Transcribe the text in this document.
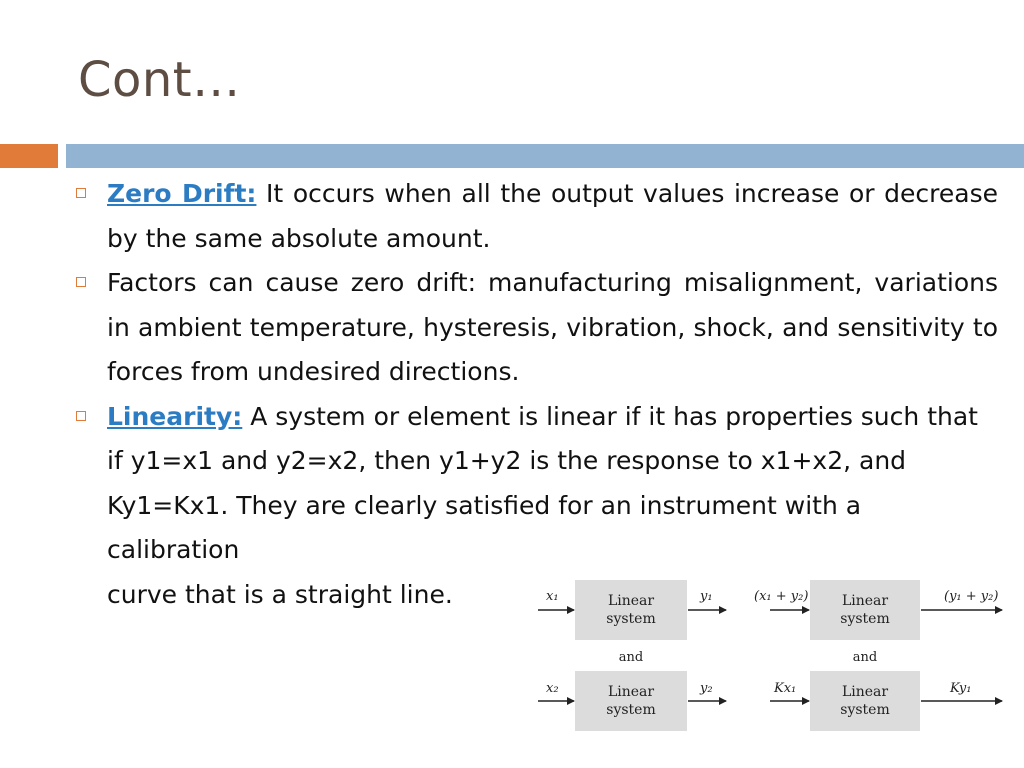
Cont…
Zero Drift: It occurs when all the output values increase or decrease by the same absolute amount.
Factors can cause zero drift: manufacturing misalignment, variations in ambient temperature, hysteresis, vibration, shock, and sensitivity to forces from undesired directions.
Linearity: A system or element is linear if it has properties such that if y1=x1 and y2=x2, then y1+y2 is the response to x1+x2, and Ky1=Kx1. They are clearly satisfied for an instrument with a calibration
curve that is a straight line.	x₁	Linear
system
y₁	(x₁ + y₂) Linear
system
(y₁ + y₂)
and	and
x₂	Linear
system
y₂	Kx₁	Linear
system
Ky₁
